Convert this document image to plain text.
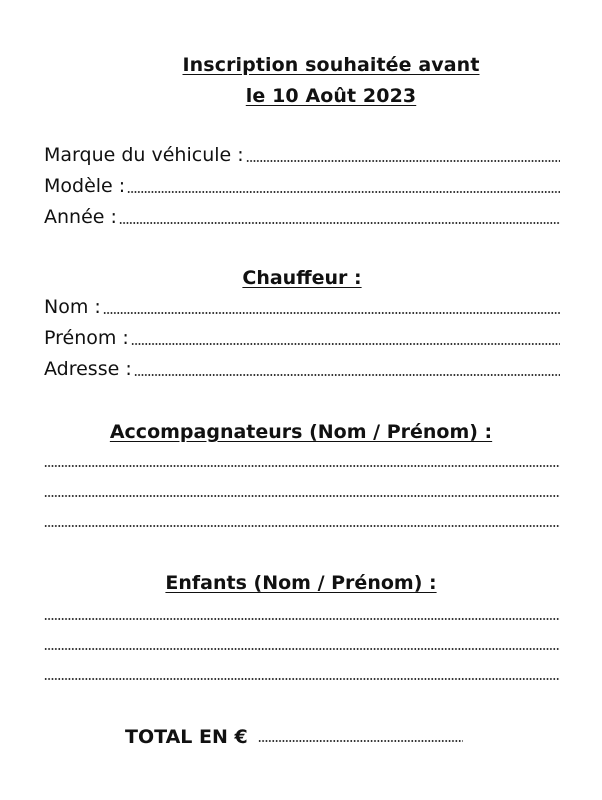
Inscription souhaitée avant
le 10 Août 2023
Marque du véhicule :
Modèle :
Année :
Chauffeur :
Nom :
Prénom :
Adresse :
Accompagnateurs (Nom / Prénom) :
Enfants (Nom / Prénom) :
TOTAL EN €
